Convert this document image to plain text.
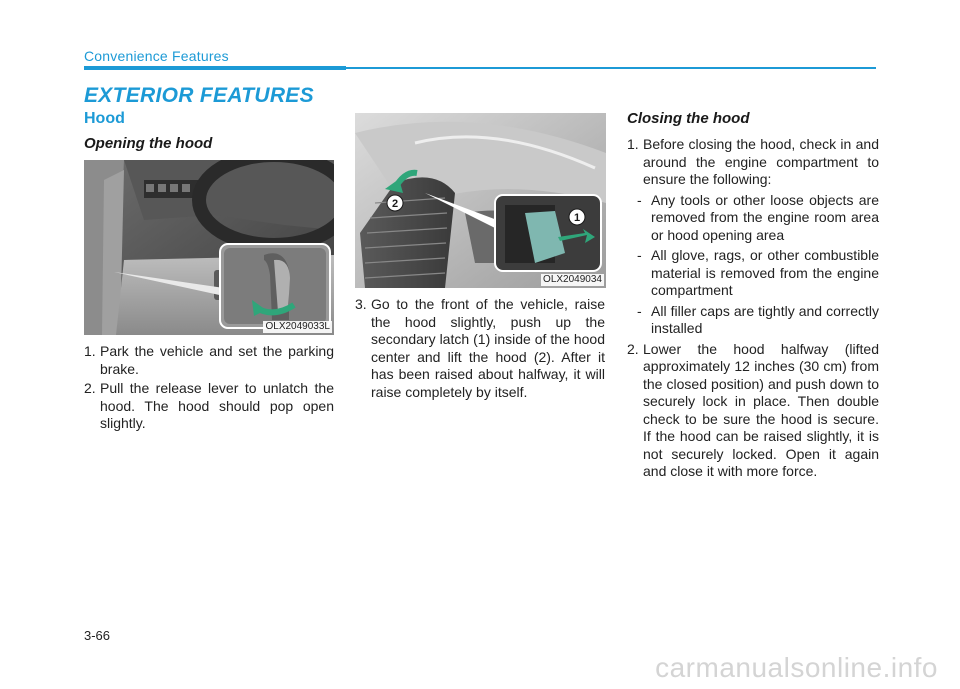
Convenience Features
EXTERIOR FEATURES
Hood
Opening the hood
OLX2049033L
1. Park the vehicle and set the parking brake.
2. Pull the release lever to unlatch the hood. The hood should pop open slightly.
1
2
OLX2049034
3. Go to the front of the vehicle, raise the hood slightly, push up the secondary latch (1) inside of the hood center and lift the hood (2). After it has been raised about halfway, it will raise completely by itself.
Closing the hood
1. Before closing the hood, check in and around the engine compartment to ensure the following:
- Any tools or other loose objects are removed from the engine room area or hood opening area
- All glove, rags, or other combustible material is removed from the engine compartment
- All filler caps are tightly and correctly installed
2. Lower the hood halfway (lifted approximately 12 inches (30 cm) from the closed position) and push down to securely lock in place. Then double check to be sure the hood is secure. If the hood can be raised slightly, it is not securely locked. Open it again and close it with more force.
3-66
carmanualsonline.info
